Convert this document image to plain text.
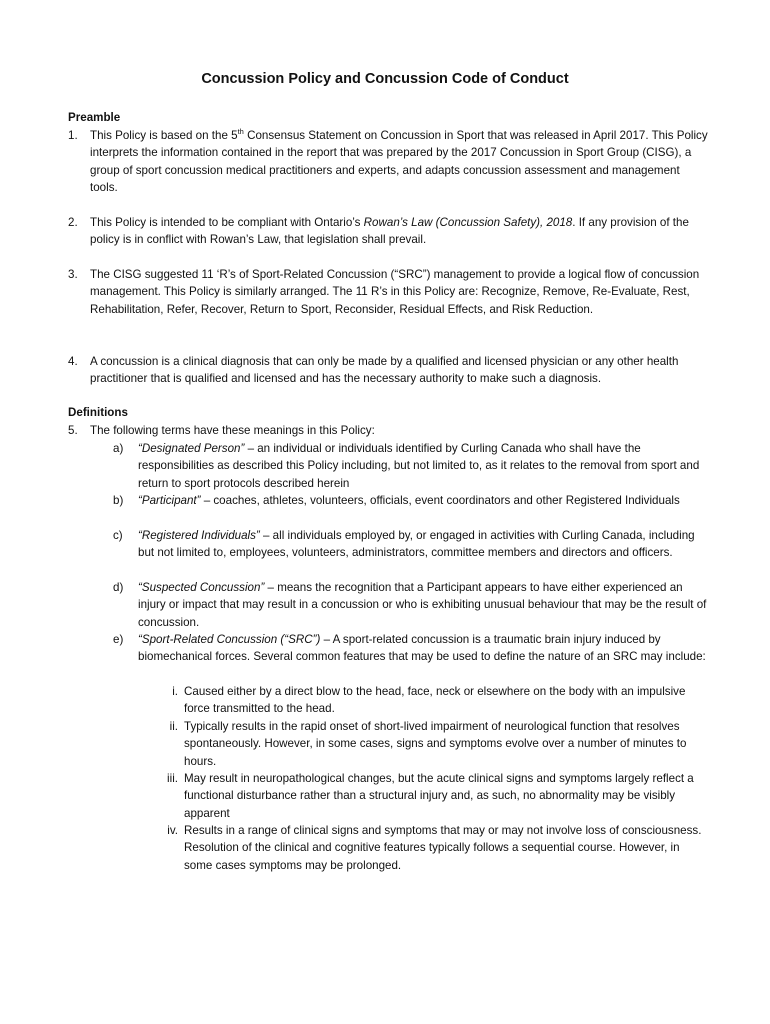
Concussion Policy and Concussion Code of Conduct
Preamble
1. This Policy is based on the 5th Consensus Statement on Concussion in Sport that was released in April 2017. This Policy interprets the information contained in the report that was prepared by the 2017 Concussion in Sport Group (CISG), a group of sport concussion medical practitioners and experts, and adapts concussion assessment and management tools.
2. This Policy is intended to be compliant with Ontario’s Rowan’s Law (Concussion Safety), 2018. If any provision of the policy is in conflict with Rowan’s Law, that legislation shall prevail.
3. The CISG suggested 11 ‘R’s of Sport-Related Concussion (“SRC”) management to provide a logical flow of concussion management. This Policy is similarly arranged. The 11 R’s in this Policy are: Recognize, Remove, Re-Evaluate, Rest, Rehabilitation, Refer, Recover, Return to Sport, Reconsider, Residual Effects, and Risk Reduction.
4. A concussion is a clinical diagnosis that can only be made by a qualified and licensed physician or any other health practitioner that is qualified and licensed and has the necessary authority to make such a diagnosis.
Definitions
5. The following terms have these meanings in this Policy:
a)	“Designated Person” – an individual or individuals identified by Curling Canada who shall have the responsibilities as described this Policy including, but not limited to, as it relates to the removal from sport and return to sport protocols described herein
b)	“Participant” – coaches, athletes, volunteers, officials, event coordinators and other Registered Individuals
c)	“Registered Individuals” – all individuals employed by, or engaged in activities with Curling Canada, including but not limited to, employees, volunteers, administrators, committee members and directors and officers.
d)	“Suspected Concussion” – means the recognition that a Participant appears to have either experienced an injury or impact that may result in a concussion or who is exhibiting unusual behaviour that may be the result of concussion.
e)	“Sport-Related Concussion (“SRC”) – A sport-related concussion is a traumatic brain injury induced by biomechanical forces. Several common features that may be used to define the nature of an SRC may include:
i. Caused either by a direct blow to the head, face, neck or elsewhere on the body with an impulsive force transmitted to the head.
ii. Typically results in the rapid onset of short-lived impairment of neurological function that resolves spontaneously. However, in some cases, signs and symptoms evolve over a number of minutes to hours.
iii. May result in neuropathological changes, but the acute clinical signs and symptoms largely reflect a functional disturbance rather than a structural injury and, as such, no abnormality may be visibly apparent
iv. Results in a range of clinical signs and symptoms that may or may not involve loss of consciousness. Resolution of the clinical and cognitive features typically follows a sequential course. However, in some cases symptoms may be prolonged.
